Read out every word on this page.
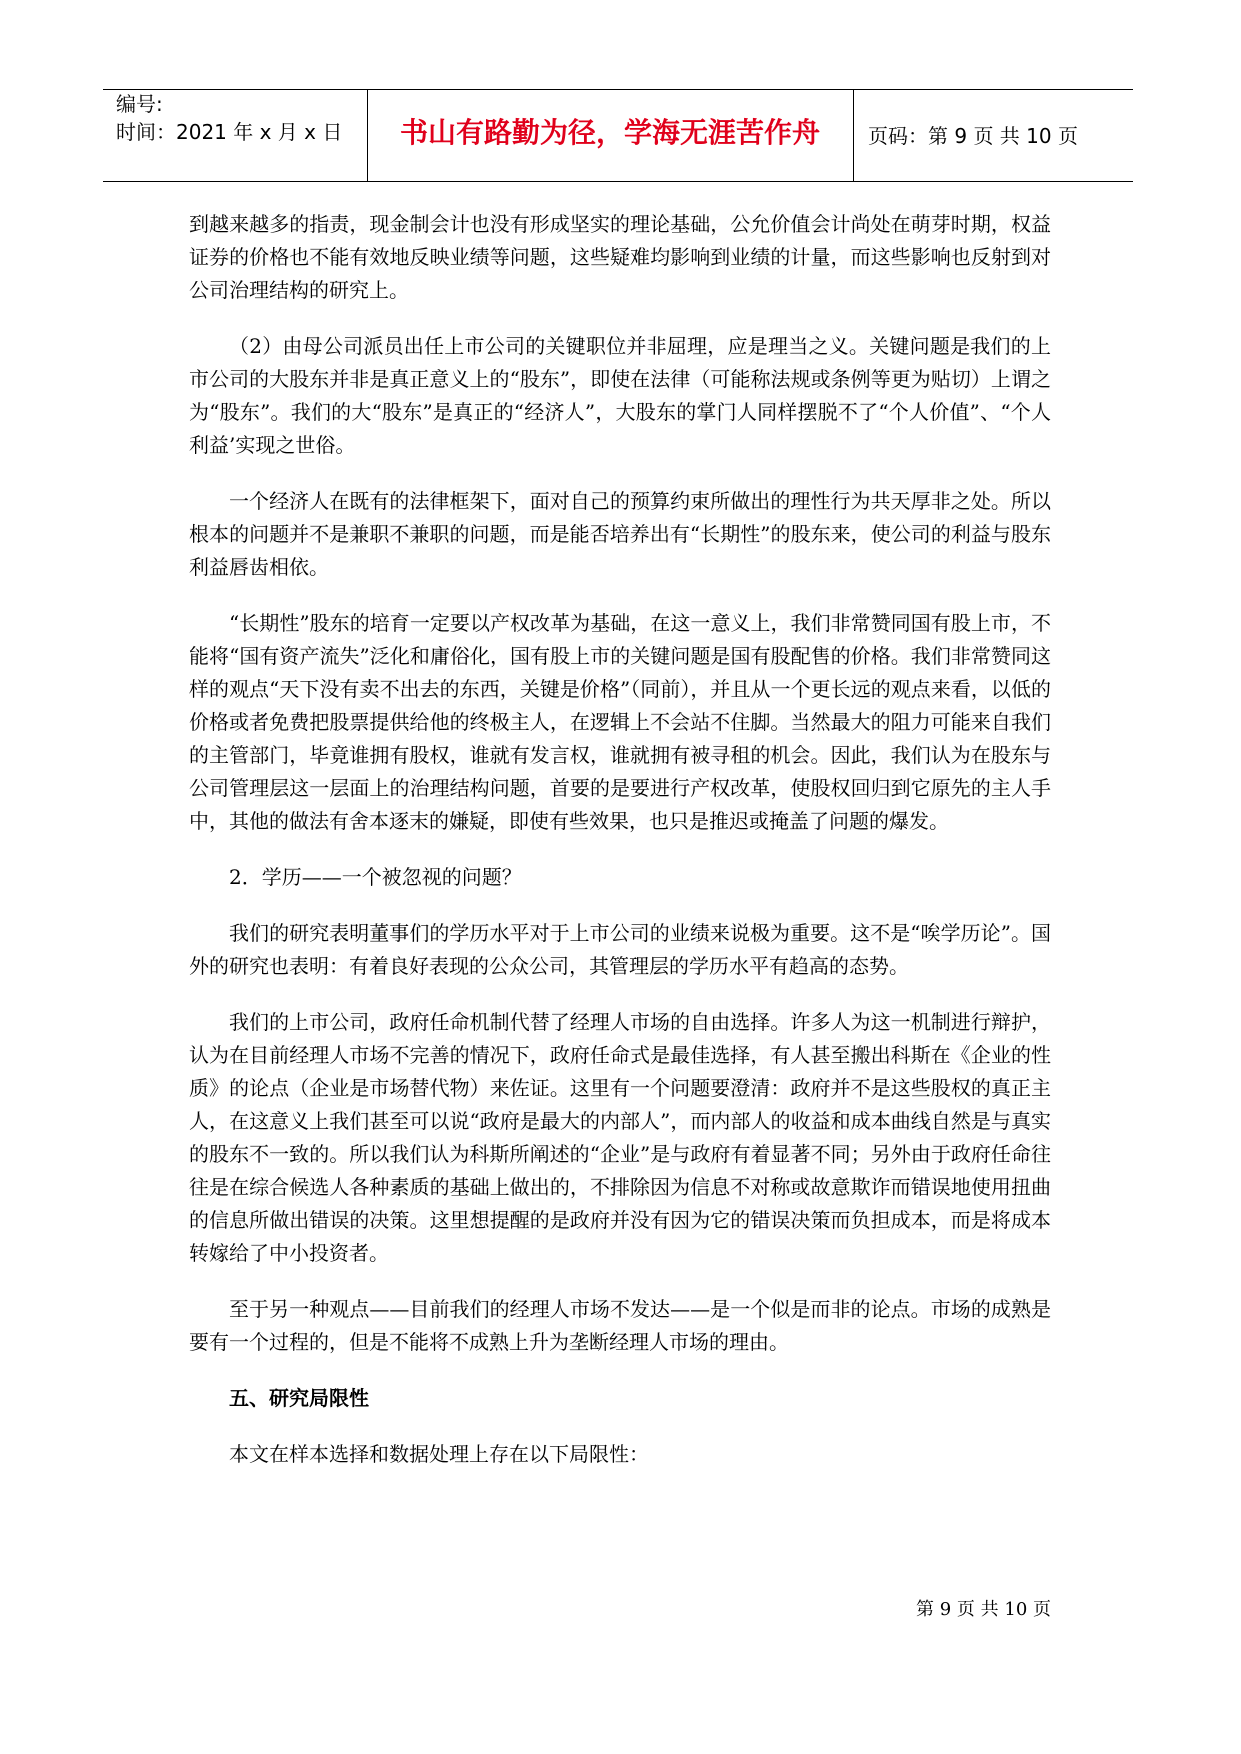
编号:
时间：2021 年 x 月 x 日	书山有路勤为径，学海无涯苦作舟	页码：第 9 页 共 10 页

到越来越多的指责，现金制会计也没有形成坚实的理论基础，公允价值会计尚处在萌芽时期，权益证券的价格也不能有效地反映业绩等问题，这些疑难均影响到业绩的计量，而这些影响也反射到对公司治理结构的研究上。

（2）由母公司派员出任上市公司的关键职位并非屈理，应是理当之义。关键问题是我们的上市公司的大股东并非是真正意义上的“股东”，即使在法律（可能称法规或条例等更为贴切）上谓之为“股东”。我们的大“股东”是真正的“经济人”，大股东的掌门人同样摆脱不了“个人价值”、“个人利益’实现之世俗。

一个经济人在既有的法律框架下，面对自己的预算约束所做出的理性行为共天厚非之处。所以根本的问题并不是兼职不兼职的问题，而是能否培养出有“长期性”的股东来，使公司的利益与股东利益唇齿相依。

“长期性”股东的培育一定要以产权改革为基础，在这一意义上，我们非常赞同国有股上市，不能将“国有资产流失”泛化和庸俗化，国有股上市的关键问题是国有股配售的价格。我们非常赞同这样的观点“天下没有卖不出去的东西，关键是价格”（同前），并且从一个更长远的观点来看，以低的价格或者免费把股票提供给他的终极主人，在逻辑上不会站不住脚。当然最大的阻力可能来自我们的主管部门，毕竟谁拥有股权，谁就有发言权，谁就拥有被寻租的机会。因此，我们认为在股东与公司管理层这一层面上的治理结构问题，首要的是要进行产权改革，使股权回归到它原先的主人手中，其他的做法有舍本逐末的嫌疑，即使有些效果，也只是推迟或掩盖了问题的爆发。

2．学历——一个被忽视的问题？

我们的研究表明董事们的学历水平对于上市公司的业绩来说极为重要。这不是“唉学历论”。国外的研究也表明：有着良好表现的公众公司，其管理层的学历水平有趋高的态势。

我们的上市公司，政府任命机制代替了经理人市场的自由选择。许多人为这一机制进行辩护，认为在目前经理人市场不完善的情况下，政府任命式是最佳选择，有人甚至搬出科斯在《企业的性质》的论点（企业是市场替代物）来佐证。这里有一个问题要澄清：政府并不是这些股权的真正主人，在这意义上我们甚至可以说“政府是最大的内部人”，而内部人的收益和成本曲线自然是与真实的股东不一致的。所以我们认为科斯所阐述的“企业”是与政府有着显著不同；另外由于政府任命往往是在综合候选人各种素质的基础上做出的，不排除因为信息不对称或故意欺诈而错误地使用扭曲的信息所做出错误的决策。这里想提醒的是政府并没有因为它的错误决策而负担成本，而是将成本转嫁给了中小投资者。

至于另一种观点——目前我们的经理人市场不发达——是一个似是而非的论点。市场的成熟是要有一个过程的，但是不能将不成熟上升为垄断经理人市场的理由。

五、研究局限性

本文在样本选择和数据处理上存在以下局限性：

第 9 页 共 10 页
